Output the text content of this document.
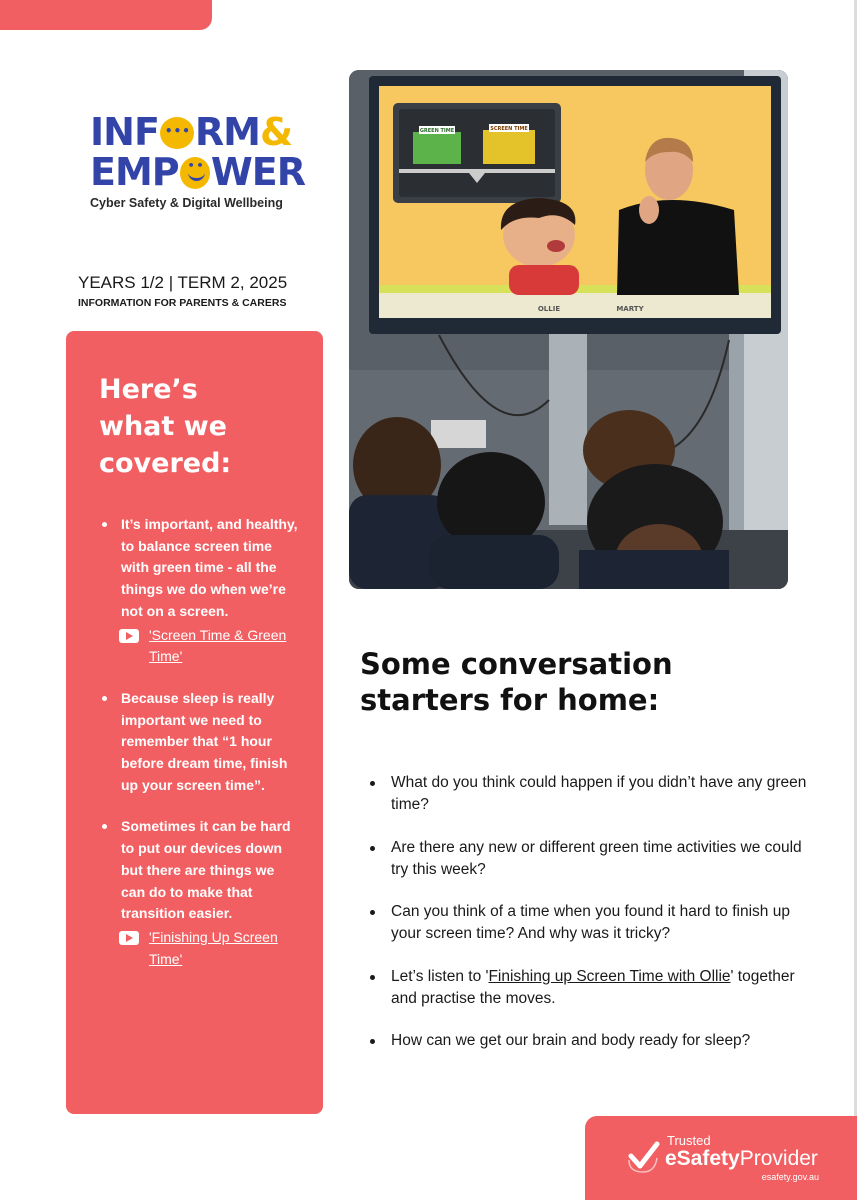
INF ••• RM &
EMP • • WER
Cyber Safety & Digital Wellbeing
YEARS 1/2 | TERM 2, 2025
INFORMATION FOR PARENTS & CARERS
Here’s what we covered:
It’s important, and healthy, to balance screen time with green time - all the things we do when we’re not on a screen.
'Screen Time & Green Time'
Because sleep is really important we need to remember that “1 hour before dream time, finish up your screen time”.
Sometimes it can be hard to put our devices down but there are things we can do to make that transition easier.
'Finishing Up Screen Time'
GREEN TIME	SCREEN TIME
OLLIE	MARTY
Some conversation starters for home:
What do you think could happen if you didn’t have any green time?
Are there any new or different green time activities we could try this week?
Can you think of a time when you found it hard to finish up your screen time? And why was it tricky?
Let’s listen to 'Finishing up Screen Time with Ollie' together and practise the moves.
How can we get our brain and body ready for sleep?
Trusted
eSafetyProvider
esafety.gov.au
